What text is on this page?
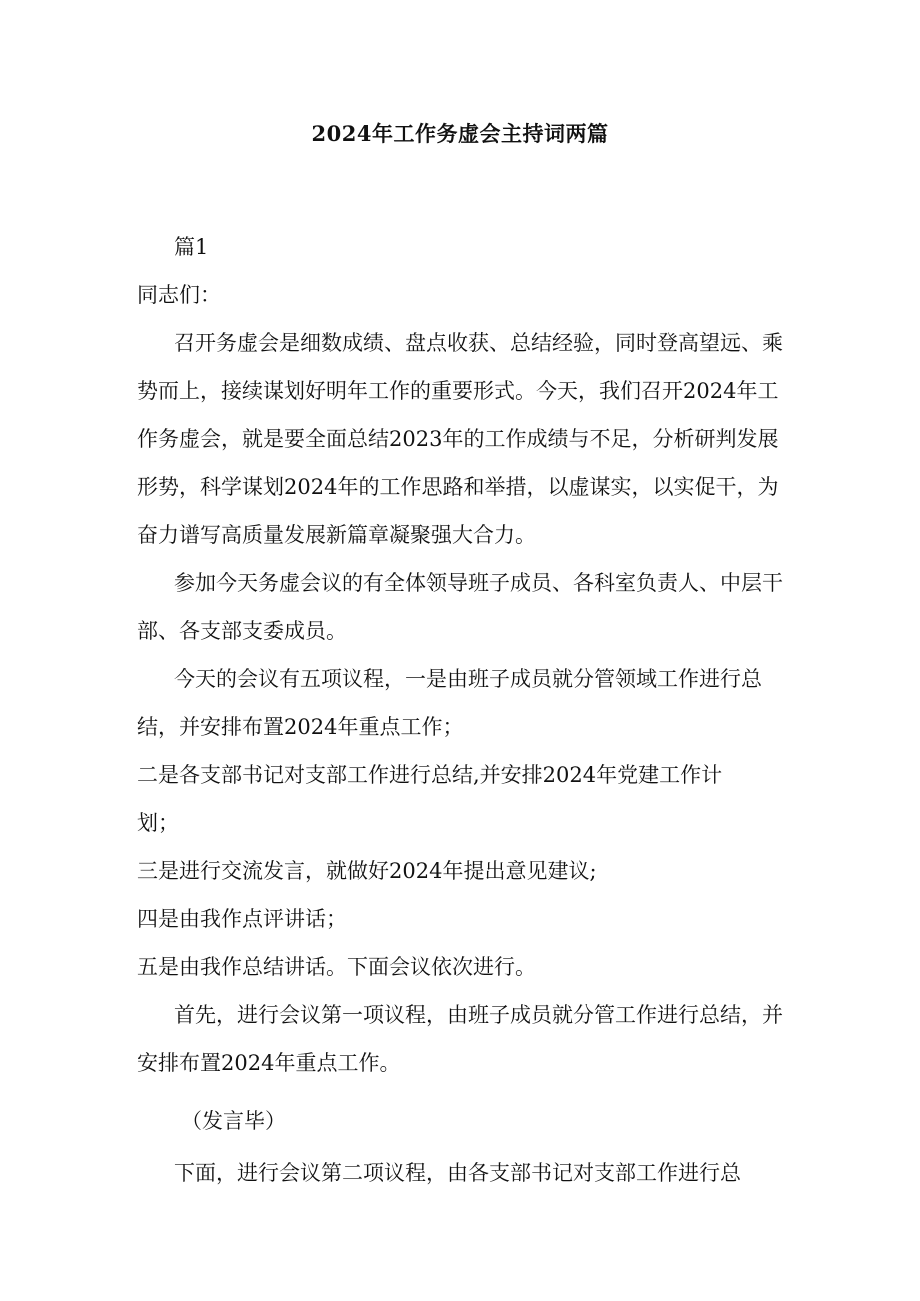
2024年工作务虚会主持词两篇

篇1

同志们：

召开务虚会是细数成绩、盘点收获、总结经验，同时登高望远、乘势而上，接续谋划好明年工作的重要形式。今天，我们召开2024年工作务虚会，就是要全面总结2023年的工作成绩与不足，分析研判发展形势，科学谋划2024年的工作思路和举措，以虚谋实，以实促干，为奋力谱写高质量发展新篇章凝聚强大合力。

参加今天务虚会议的有全体领导班子成员、各科室负责人、中层干部、各支部支委成员。

今天的会议有五项议程，一是由班子成员就分管领域工作进行总结，并安排布置2024年重点工作；

二是各支部书记对支部工作进行总结,并安排2024年党建工作计划；

三是进行交流发言，就做好2024年提出意见建议;

四是由我作点评讲话；

五是由我作总结讲话。下面会议依次进行。

首先，进行会议第一项议程，由班子成员就分管工作进行总结，并安排布置2024年重点工作。

（发言毕）

下面，进行会议第二项议程，由各支部书记对支部工作进行总
